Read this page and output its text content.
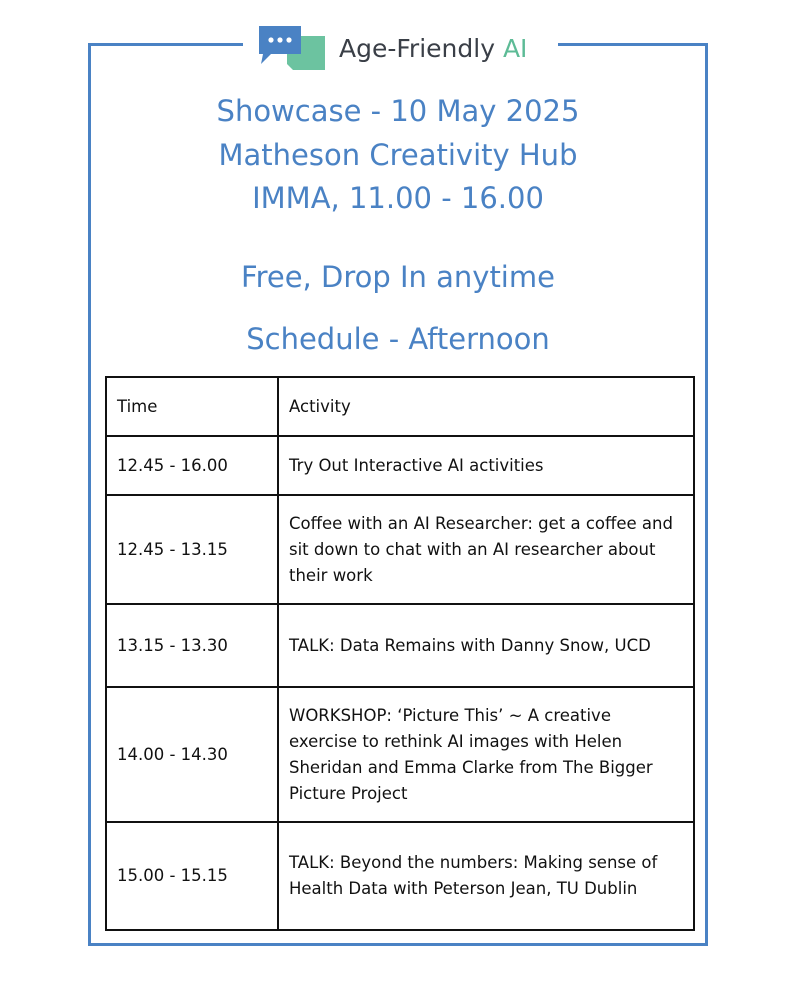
Age-Friendly AI

Showcase - 10 May 2025

Matheson Creativity Hub

IMMA, 11.00 - 16.00

Free, Drop In anytime

Schedule - Afternoon

Time	Activity
12.45 - 16.00	Try Out Interactive AI activities
12.45 - 13.15	Coffee with an AI Researcher: get a coffee and sit down to chat with an AI researcher about their work
13.15 - 13.30	TALK: Data Remains with Danny Snow, UCD
14.00 - 14.30	WORKSHOP: ‘Picture This’ ~ A creative exercise to rethink AI images with Helen Sheridan and Emma Clarke from The Bigger Picture Project
15.00 - 15.15	TALK: Beyond the numbers: Making sense of Health Data with Peterson Jean, TU Dublin
